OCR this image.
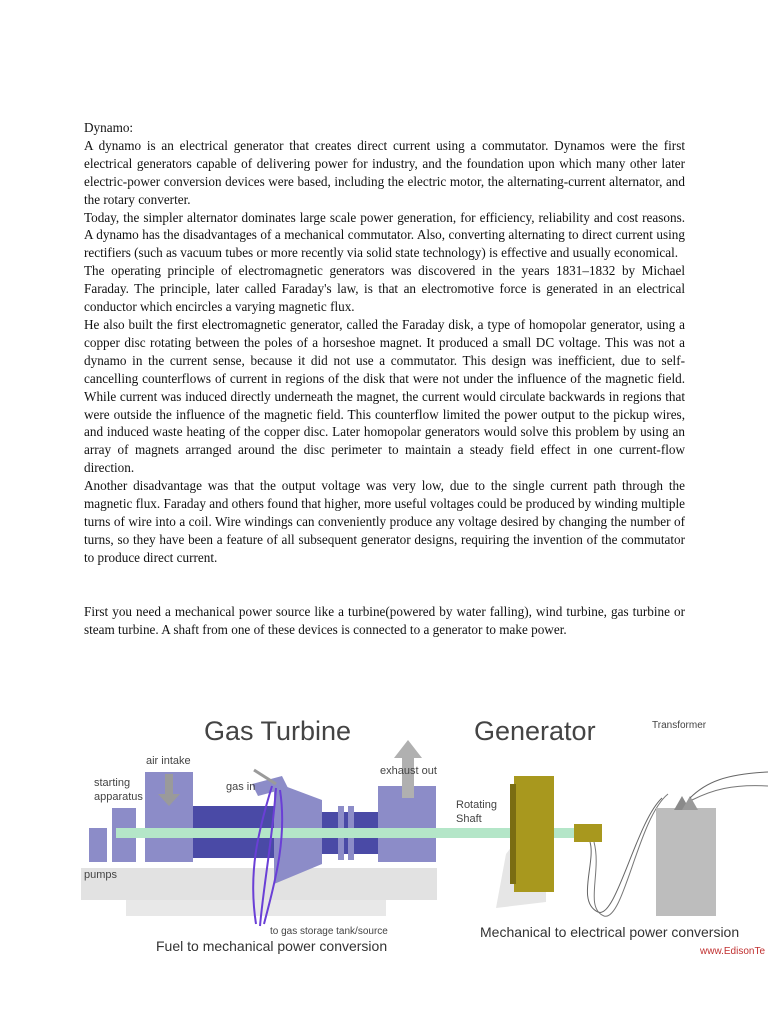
Dynamo:

A dynamo is an electrical generator that creates direct current using a commutator. Dynamos were the first electrical generators capable of delivering power for industry, and the foundation upon which many other later electric-power conversion devices were based, including the electric motor, the alternating-current alternator, and the rotary converter.

Today, the simpler alternator dominates large scale power generation, for efficiency, reliability and cost reasons. A dynamo has the disadvantages of a mechanical commutator. Also, converting alternating to direct current using rectifiers (such as vacuum tubes or more recently via solid state technology) is effective and usually economical.

The operating principle of electromagnetic generators was discovered in the years 1831–1832 by Michael Faraday. The principle, later called Faraday's law, is that an electromotive force is generated in an electrical conductor which encircles a varying magnetic flux.

He also built the first electromagnetic generator, called the Faraday disk, a type of homopolar generator, using a copper disc rotating between the poles of a horseshoe magnet. It produced a small DC voltage. This was not a dynamo in the current sense, because it did not use a commutator. This design was inefficient, due to self-cancelling counterflows of current in regions of the disk that were not under the influence of the magnetic field. While current was induced directly underneath the magnet, the current would circulate backwards in regions that were outside the influence of the magnetic field. This counterflow limited the power output to the pickup wires, and induced waste heating of the copper disc. Later homopolar generators would solve this problem by using an array of magnets arranged around the disc perimeter to maintain a steady field effect in one current-flow direction.

Another disadvantage was that the output voltage was very low, due to the single current path through the magnetic flux. Faraday and others found that higher, more useful voltages could be produced by winding multiple turns of wire into a coil. Wire windings can conveniently produce any voltage desired by changing the number of turns, so they have been a feature of all subsequent generator designs, requiring the invention of the commutator to produce direct current.

First you need a mechanical power source like a turbine(powered by water falling), wind turbine, gas turbine or steam turbine. A shaft from one of these devices is connected to a generator to make power.

Gas Turbine	Generator	Transformer
air intake
starting
apparatus
gas in
exhaust out
Rotating
Shaft
pumps
to gas storage tank/source
Fuel to mechanical power conversion
Mechanical to electrical power conversion
www.EdisonTe
